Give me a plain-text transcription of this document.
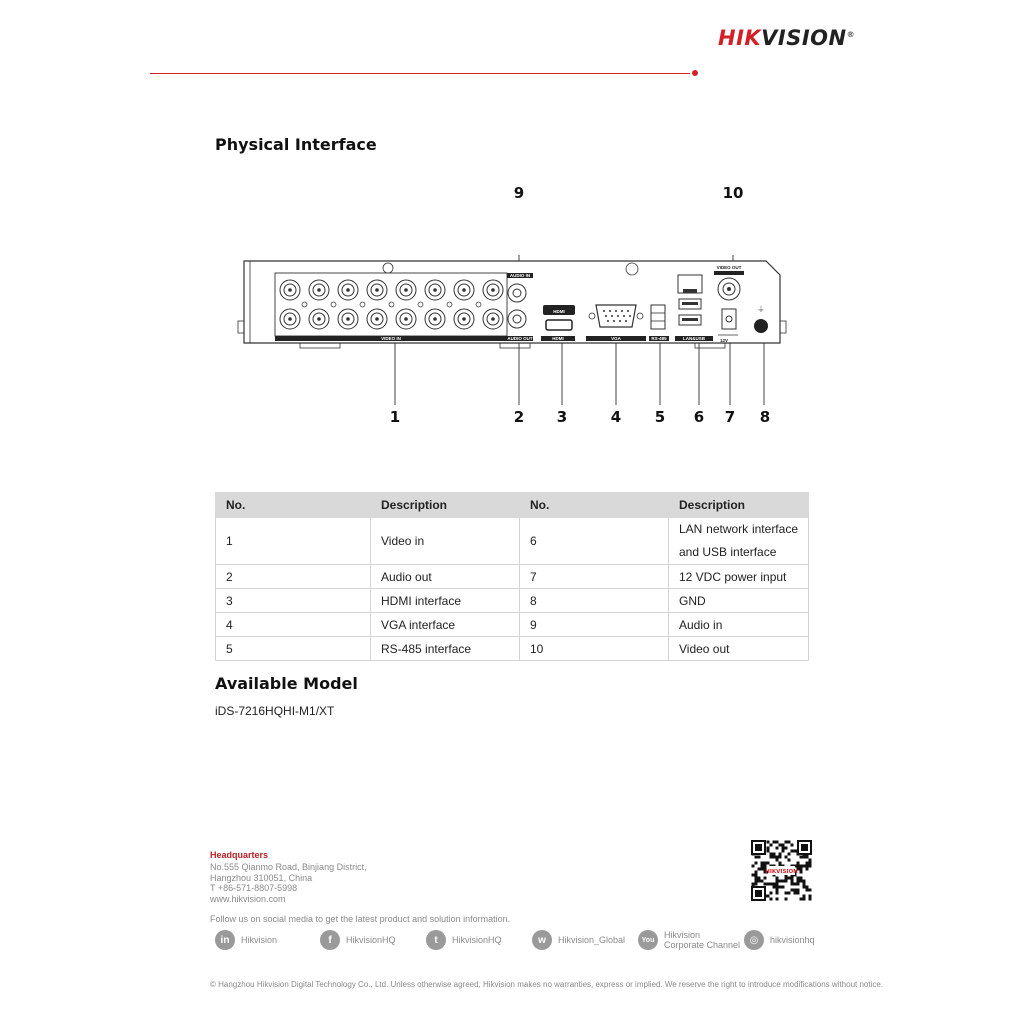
HIKVISION®
Physical Interface
9	10
1	2	3	4	5	6	7	8
⏚
VIDEO IN
AUDIO IN
AUDIO OUT
HDMI
HDMI	VGA	RS-485	LAN&USB
VIDEO OUT
12V
No.	Description	No.	Description
1	Video in	6	LAN network interface
and USB interface

2	Audio out	7	12 VDC power input
3	HDMI interface	8	GND
4	VGA interface	9	Audio in
5	RS-485 interface	10	Video out
Available Model
iDS-7216HQHI-M1/XT
Headquarters
No.555 Qianmo Road, Binjiang District,
Hangzhou 310051, China
T +86-571-8807-5998
www.hikvision.com
HIKVISION
Follow us on social media to get the latest product and solution information.
in	Hikvision	f	HikvisionHQ	t	HikvisionHQ	w	Hikvision_Global	You	Hikvision
Corporate Channel ◎	hikvisionhq
© Hangzhou Hikvision Digital Technology Co., Ltd. Unless otherwise agreed, Hikvision makes no warranties, express or implied. We reserve the right to introduce modifications without notice.
